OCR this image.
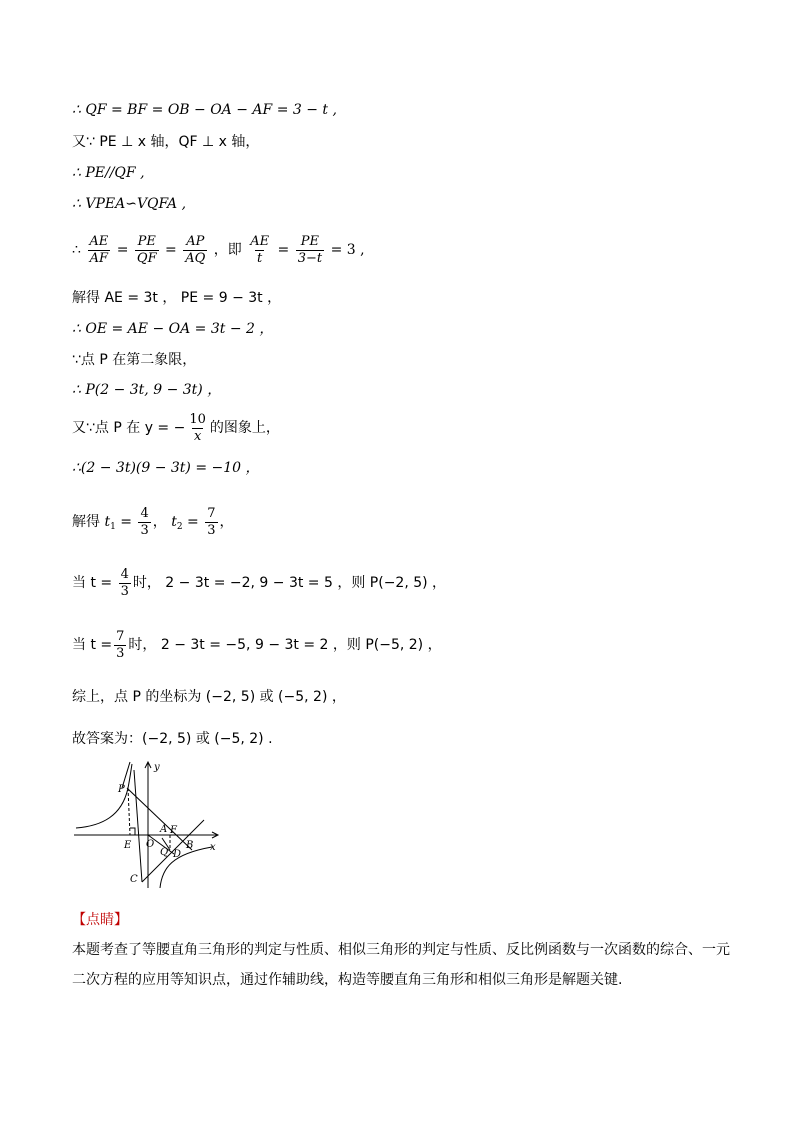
∴ QF = BF = OB − OA − AF = 3 − t ,
又∵ PE ⊥ x 轴，QF ⊥ x 轴，
∴ PE//QF ,
∴ VPEA∽VQFA ,
∴ $\frac{AE}{AF} = \frac{PE}{QF} = \frac{AP}{AQ}$ ，即 $\frac{AE}{t} = \frac{PE}{3-t} = 3$ ,
解得 AE = 3t ， PE = 9 − 3t ，
∴ OE = AE − OA = 3t − 2 ，
∵点 P 在第二象限，
∴ P(2 − 3t, 9 − 3t) ，
又∵点 P 在 y = − $\frac{10}{x}$ 的图象上，
∴(2 − 3t)(9 − 3t) = −10 ，
解得 $t_1 = \frac{4}{3}$ ， $t_2 = \frac{7}{3}$ ，
当 $t = \frac{4}{3}$ 时， 2 − 3t = −2, 9 − 3t = 5 ，则 P(−2, 5) ，
当 $t = \frac{7}{3}$ 时， 2 − 3t = −5, 9 − 3t = 2 ，则 P(−5, 2) ，
综上，点 P 的坐标为 (−2, 5) 或 (−5, 2) ，
故答案为：(−2, 5) 或 (−5, 2) .
y
P
A F
E O
Q D
B x
C
【点睛】
本题考查了等腰直角三角形的判定与性质、相似三角形的判定与性质、反比例函数与一次函数的综合、一元二次方程的应用等知识点，通过作辅助线，构造等腰直角三角形和相似三角形是解题关键.
